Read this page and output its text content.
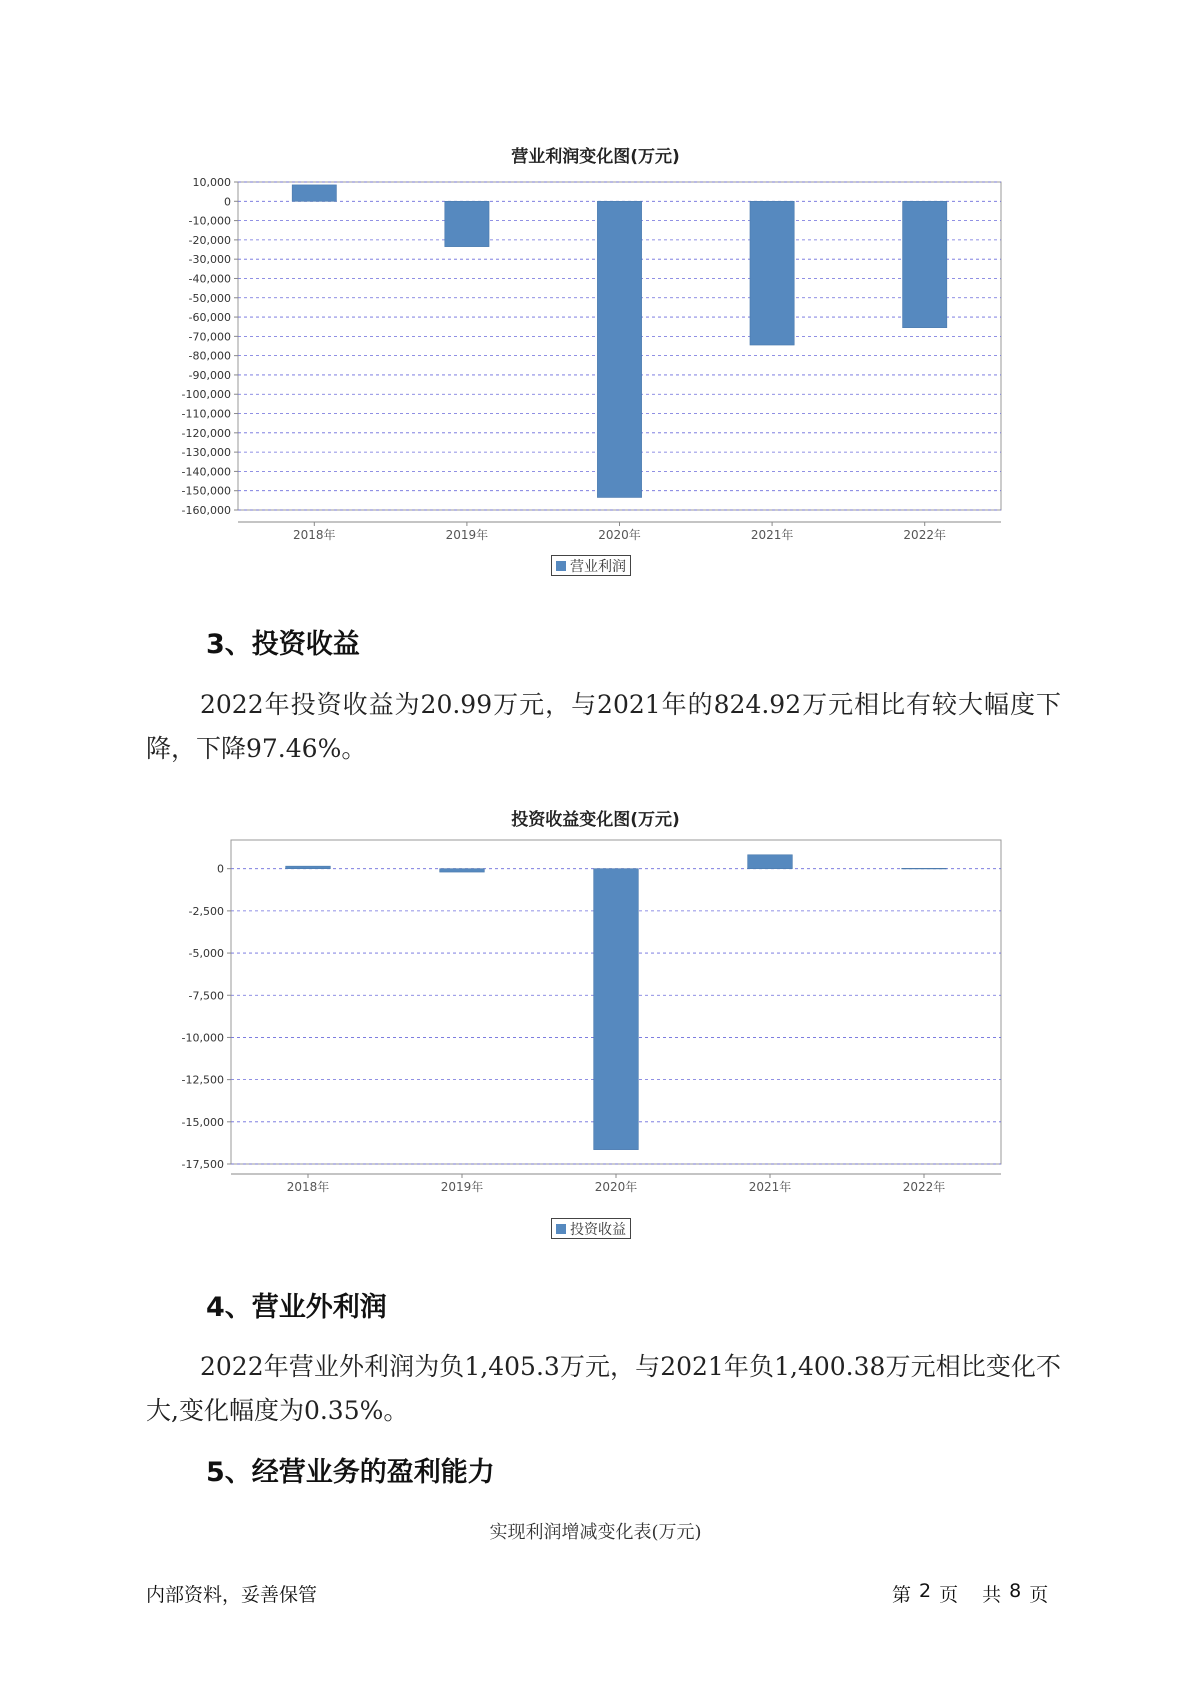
营业利润变化图(万元)
10,000
0
-10,000
-20,000
-30,000
-40,000
-50,000
-60,000
-70,000
-80,000
-90,000
-100,000
-110,000
-120,000
-130,000
-140,000
-150,000
-160,000
2018年	2019年	2020年	2021年	2022年
营业利润
3、投资收益

2022年投资收益为20.99万元，与2021年的824.92万元相比有较大幅度下降，下降97.46%。

投资收益变化图(万元)
0
-2,500
-5,000
-7,500
-10,000
-12,500
-15,000
-17,500
2018年	2019年	2020年	2021年	2022年
投资收益
4、营业外利润

2022年营业外利润为负1,405.3万元，与2021年负1,400.38万元相比变化不大,变化幅度为0.35%。

5、经营业务的盈利能力
实现利润增减变化表(万元)
内部资料，妥善保管	第 2 页 共 8 页
